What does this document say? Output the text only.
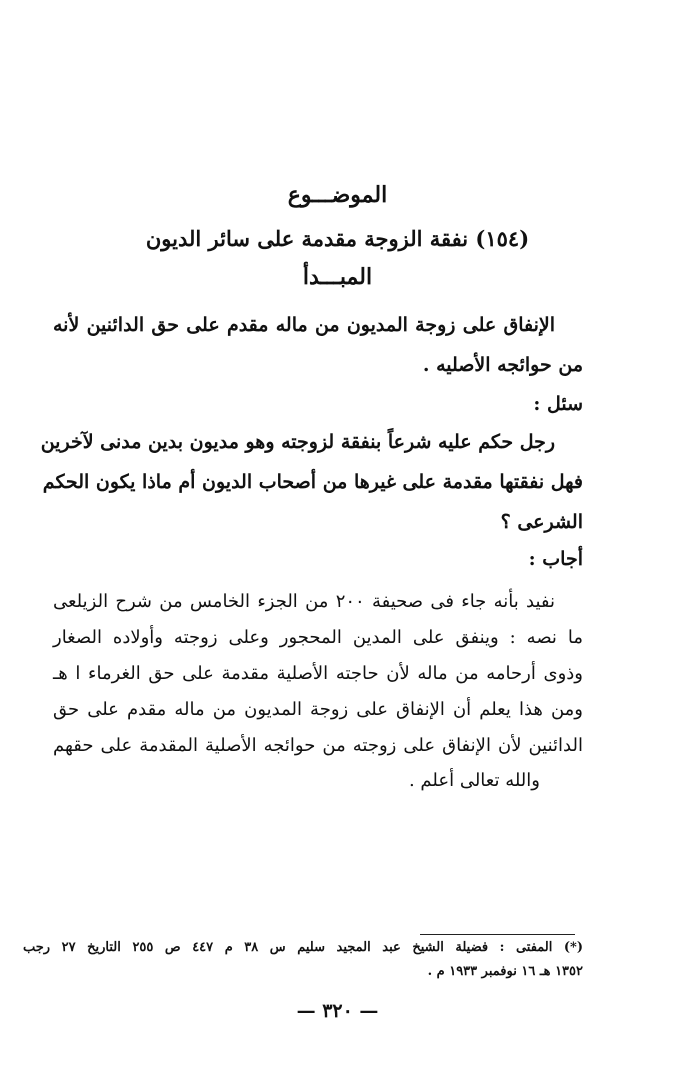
الموضـــوع
(١٥٤) نفقة الزوجة مقدمة على سائر الديون
المبـــدأ
الإنفاق على زوجة المديون من ماله مقدم على حق الدائنين لأنه
من حوائجه الأصليه .
سئل :
رجل حكم عليه شرعاً بنفقة لزوجته وهو مديون بدين مدنى لآخرين
فهل نفقتها مقدمة على غيرها من أصحاب الديون أم ماذا يكون الحكم
الشرعى ؟
أجاب :
نفيد بأنه جاء فى صحيفة ٢٠٠ من الجزء الخامس من شرح الزيلعى
ما نصه : وينفق على المدين المحجور وعلى زوجته وأولاده الصغار
وذوى أرحامه من ماله لأن حاجته الأصلية مقدمة على حق الغرماء ا هـ
ومن هذا يعلم أن الإنفاق على زوجة المديون من ماله مقدم على حق
الدائنين لأن الإنفاق على زوجته من حوائجه الأصلية المقدمة على حقهم
والله تعالى أعلم .
(*) المفتى : فضيلة الشيخ عبد المجيد سليم س ٣٨ م ٤٤٧ ص ٢٥٥ التاريخ ٢٧ رجب
١٣٥٢ هـ ١٦ نوفمبر ١٩٣٣ م .
— ٣٢٠ —
